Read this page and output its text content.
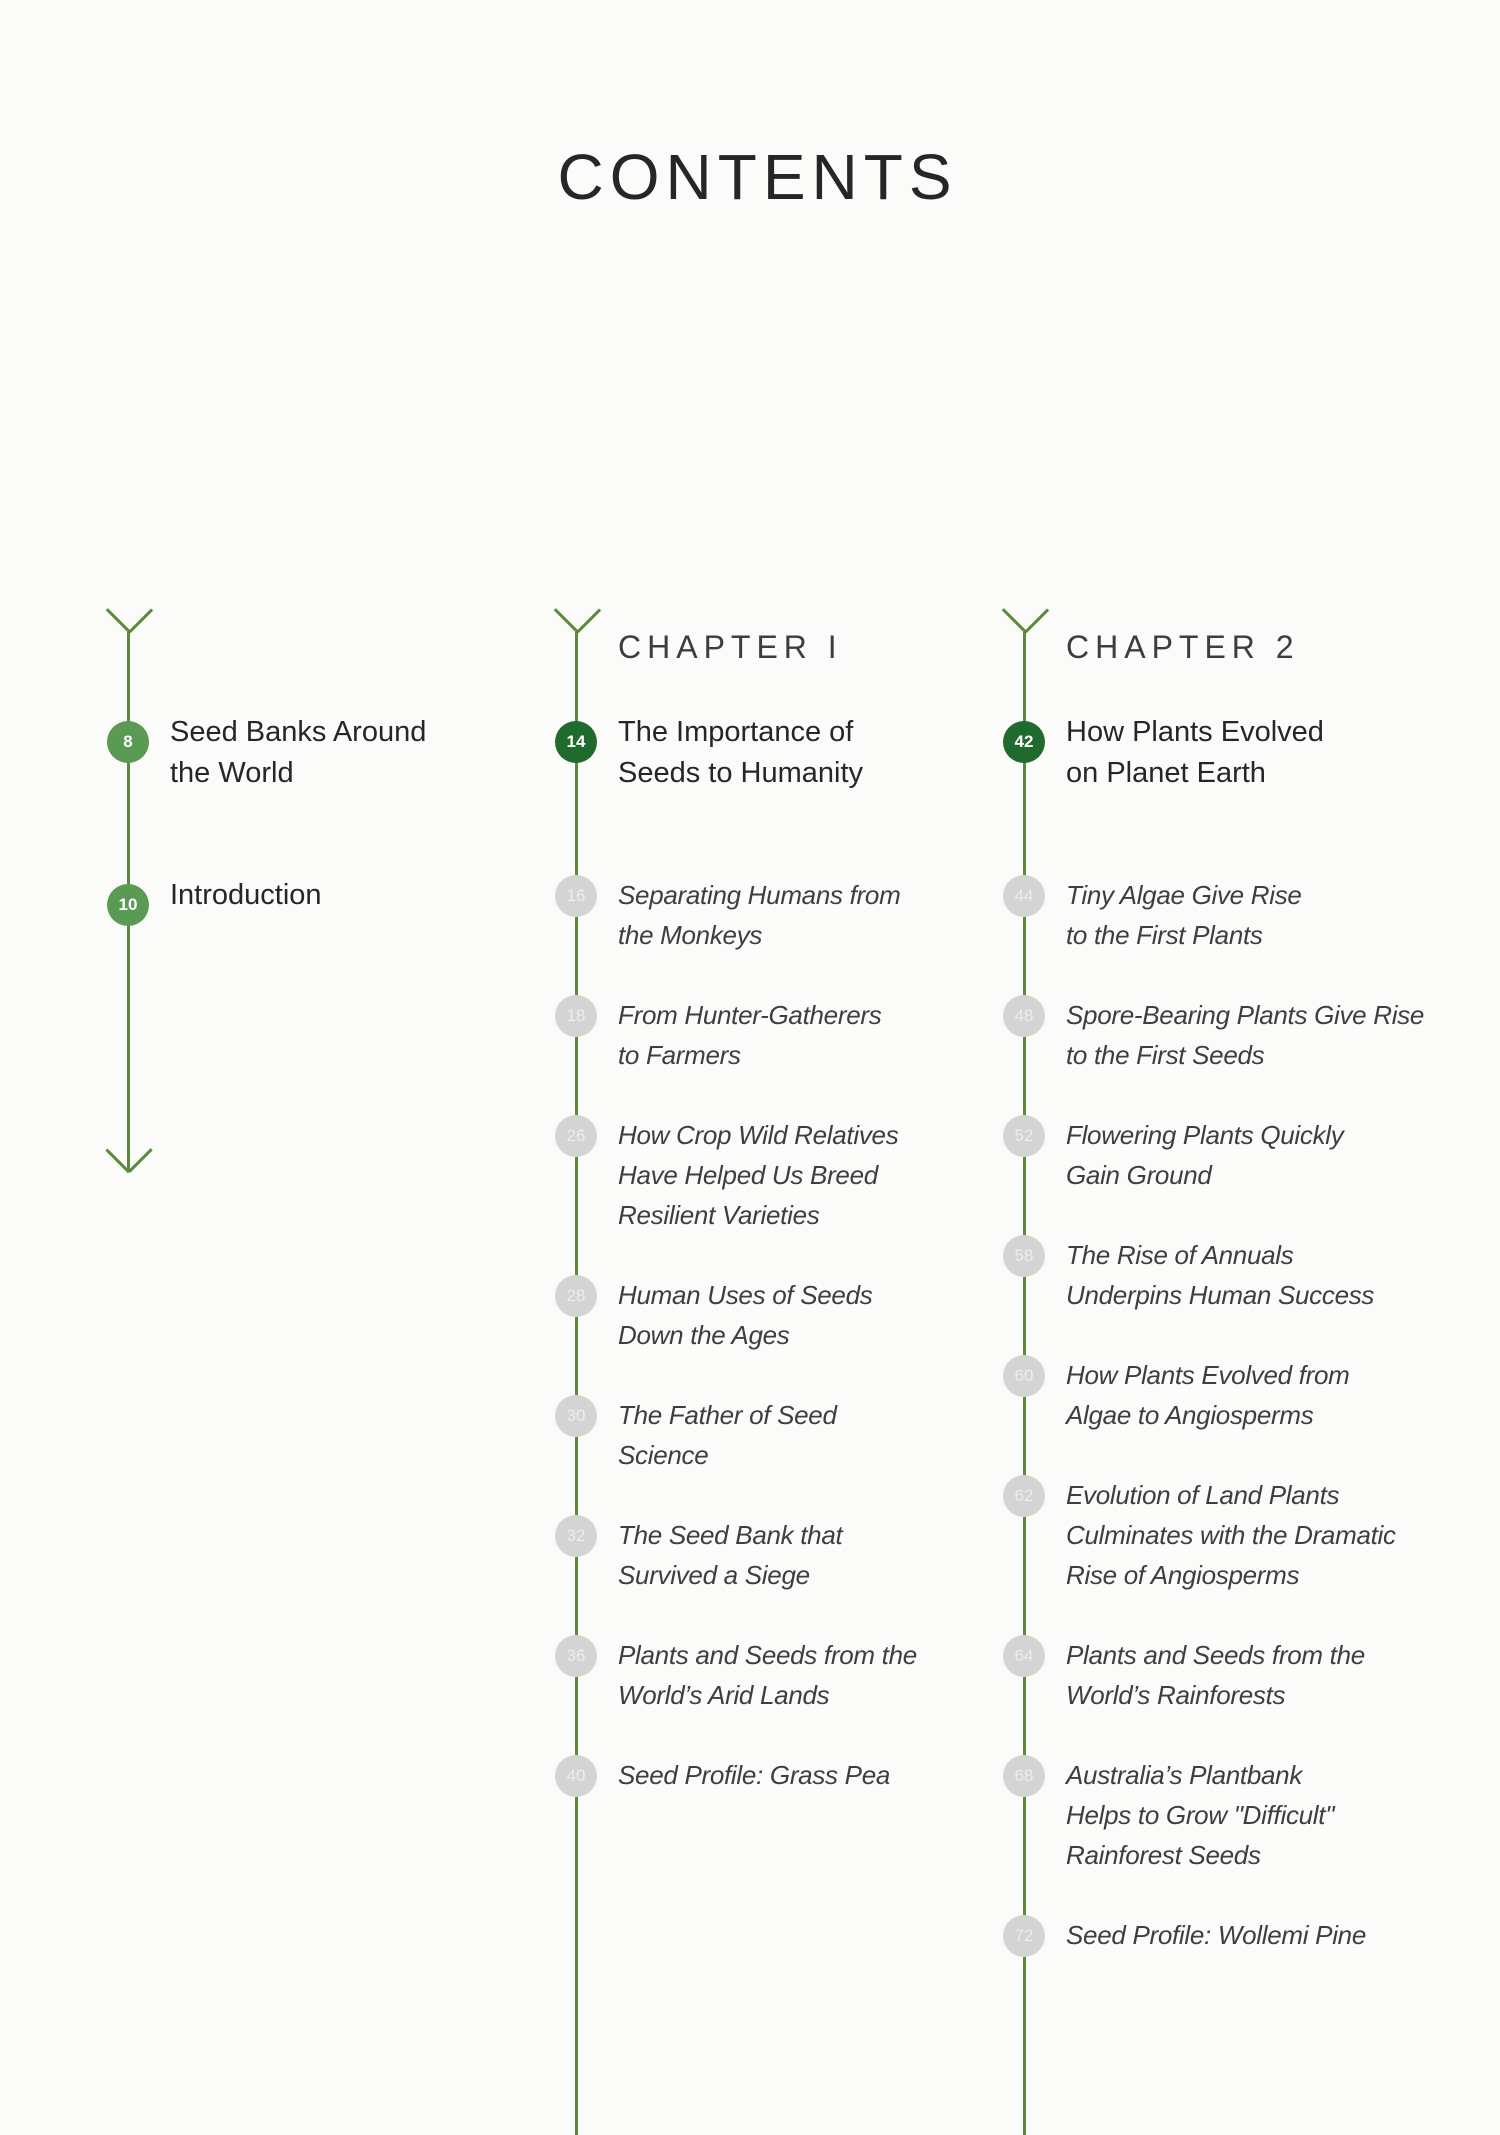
CONTENTS
8	Seed Banks Around
the World
10	Introduction
CHAPTER I
14	The Importance of
Seeds to Humanity
16	Separating Humans from
the Monkeys
18	From Hunter-Gatherers
to Farmers
26	How Crop Wild Relatives
Have Helped Us Breed
Resilient Varieties
28	Human Uses of Seeds
Down the Ages
30	The Father of Seed
Science
32	The Seed Bank that
Survived a Siege
36	Plants and Seeds from the
World’s Arid Lands
40	Seed Profile: Grass Pea
CHAPTER 2
42	How Plants Evolved
on Planet Earth
44	Tiny Algae Give Rise
to the First Plants
48	Spore-Bearing Plants Give Rise
to the First Seeds
52	Flowering Plants Quickly
Gain Ground
58	The Rise of Annuals
Underpins Human Success
60	How Plants Evolved from
Algae to Angiosperms
62	Evolution of Land Plants
Culminates with the Dramatic
Rise of Angiosperms
64	Plants and Seeds from the
World’s Rainforests
68	Australia’s Plantbank
Helps to Grow "Difficult"
Rainforest Seeds
72	Seed Profile: Wollemi Pine
